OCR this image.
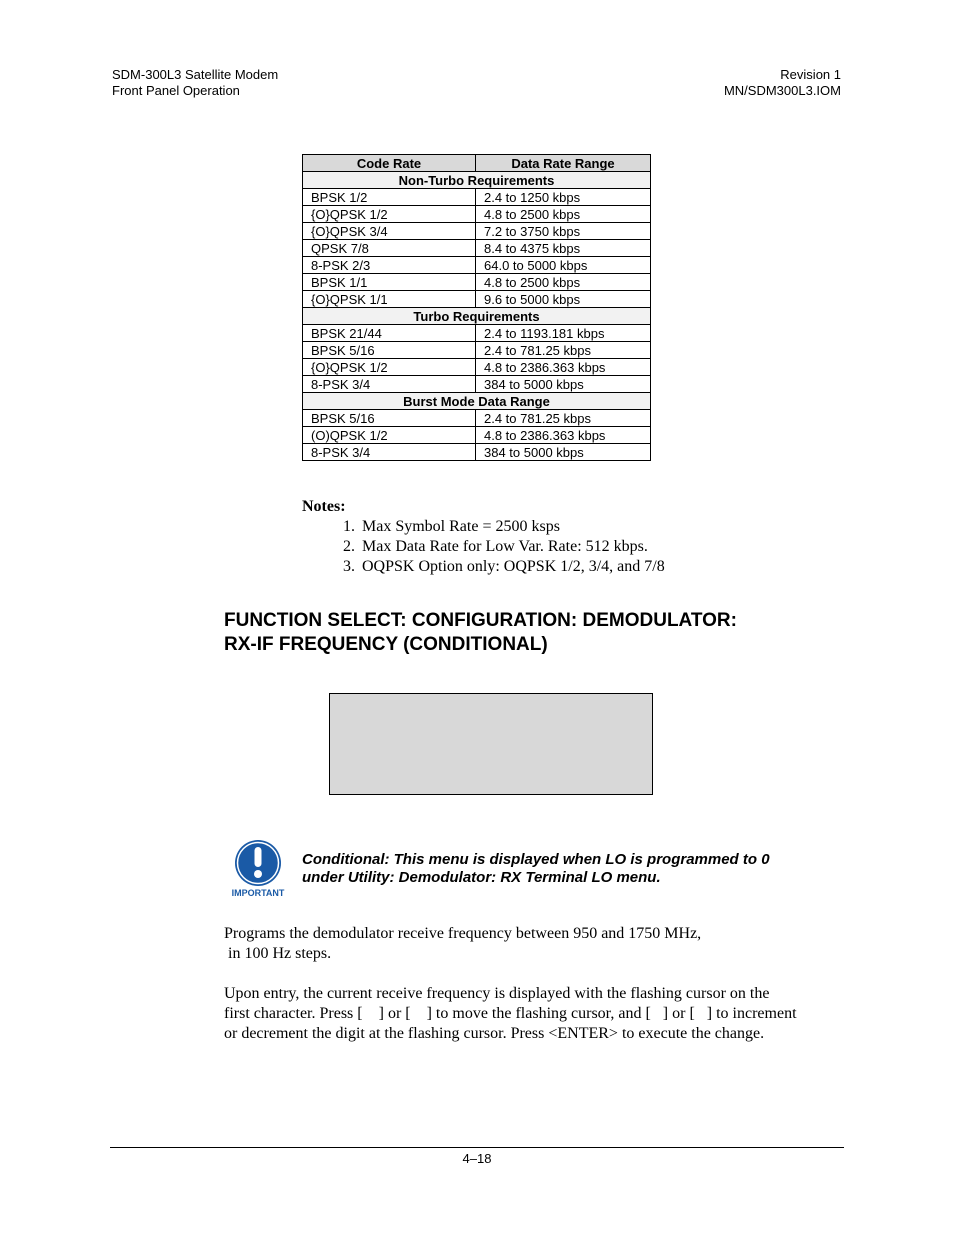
SDM-300L3 Satellite Modem
Front Panel Operation
Revision 1
MN/SDM300L3.IOM
Code Rate	Data Rate Range
Non-Turbo Requirements	
BPSK 1/2	2.4 to 1250 kbps
{O}QPSK 1/2	4.8 to 2500 kbps
{O}QPSK 3/4	7.2 to 3750 kbps
QPSK 7/8	8.4 to 4375 kbps
8-PSK 2/3	64.0 to 5000 kbps
BPSK 1/1	4.8 to 2500 kbps
{O}QPSK 1/1	9.6 to 5000 kbps
Turbo Requirements	
BPSK 21/44	2.4 to 1193.181 kbps
BPSK 5/16	2.4 to 781.25 kbps
{O}QPSK 1/2	4.8 to 2386.363 kbps
8-PSK 3/4	384 to 5000 kbps
Burst Mode Data Range	
BPSK 5/16	2.4 to 781.25 kbps
(O)QPSK 1/2	4.8 to 2386.363 kbps
8-PSK 3/4	384 to 5000 kbps
Notes:
1. Max Symbol Rate = 2500 ksps
2. Max Data Rate for Low Var. Rate: 512 kbps.
3. OQPSK Option only: OQPSK 1/2, 3/4, and 7/8
FUNCTION SELECT: CONFIGURATION: DEMODULATOR:
RX-IF FREQUENCY (CONDITIONAL)
IMPORTANT
Conditional: This menu is displayed when LO is programmed to 0
under Utility: Demodulator: RX Terminal LO menu.
Programs the demodulator receive frequency between 950 and 1750 MHz,
in 100 Hz steps.
Upon entry, the current receive frequency is displayed with the flashing cursor on the
first character. Press [    ] or [    ] to move the flashing cursor, and [   ] or [   ] to increment
or decrement the digit at the flashing cursor. Press <ENTER> to execute the change.
4–18
